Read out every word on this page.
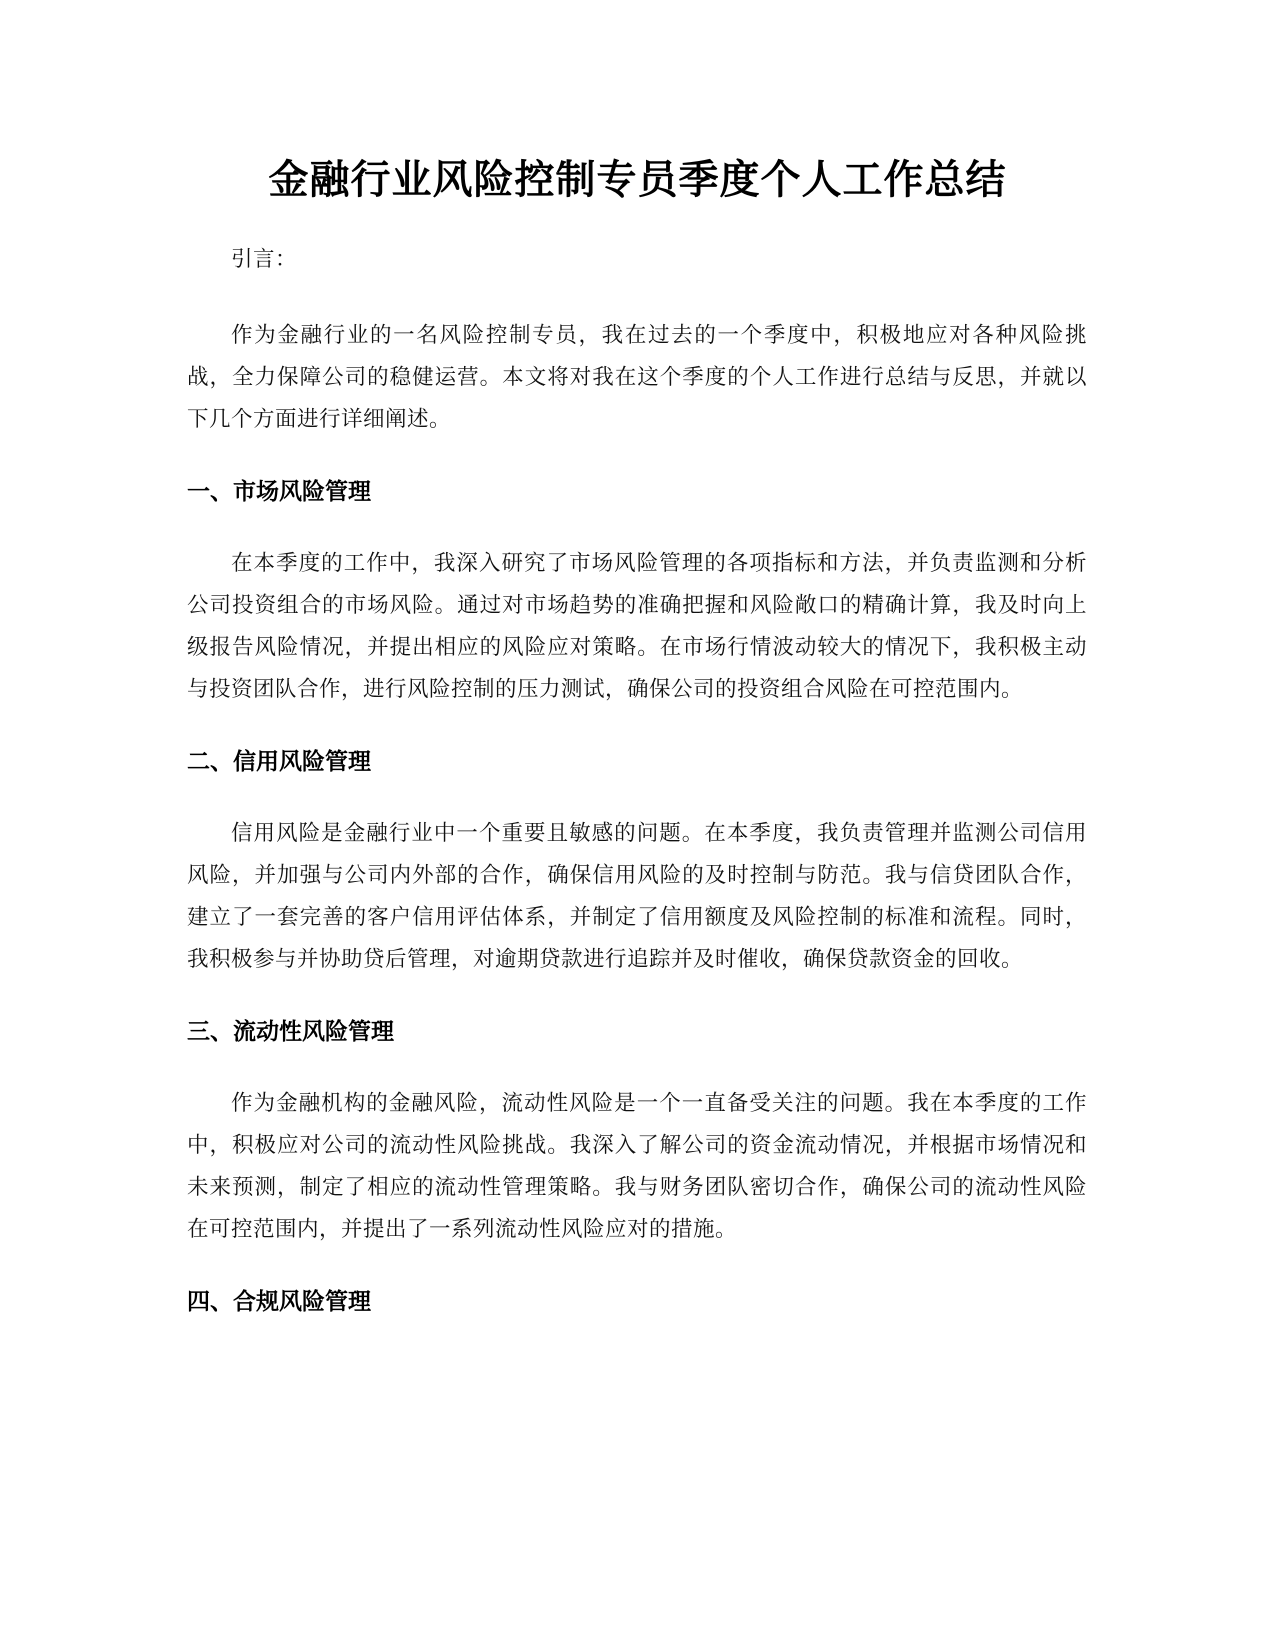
金融行业风险控制专员季度个人工作总结

引言：

作为金融行业的一名风险控制专员，我在过去的一个季度中，积极地应对各种风险挑战，全力保障公司的稳健运营。本文将对我在这个季度的个人工作进行总结与反思，并就以下几个方面进行详细阐述。

一、市场风险管理

在本季度的工作中，我深入研究了市场风险管理的各项指标和方法，并负责监测和分析公司投资组合的市场风险。通过对市场趋势的准确把握和风险敞口的精确计算，我及时向上级报告风险情况，并提出相应的风险应对策略。在市场行情波动较大的情况下，我积极主动与投资团队合作，进行风险控制的压力测试，确保公司的投资组合风险在可控范围内。

二、信用风险管理

信用风险是金融行业中一个重要且敏感的问题。在本季度，我负责管理并监测公司信用风险，并加强与公司内外部的合作，确保信用风险的及时控制与防范。我与信贷团队合作，建立了一套完善的客户信用评估体系，并制定了信用额度及风险控制的标准和流程。同时，我积极参与并协助贷后管理，对逾期贷款进行追踪并及时催收，确保贷款资金的回收。

三、流动性风险管理

作为金融机构的金融风险，流动性风险是一个一直备受关注的问题。我在本季度的工作中，积极应对公司的流动性风险挑战。我深入了解公司的资金流动情况，并根据市场情况和未来预测，制定了相应的流动性管理策略。我与财务团队密切合作，确保公司的流动性风险在可控范围内，并提出了一系列流动性风险应对的措施。

四、合规风险管理
